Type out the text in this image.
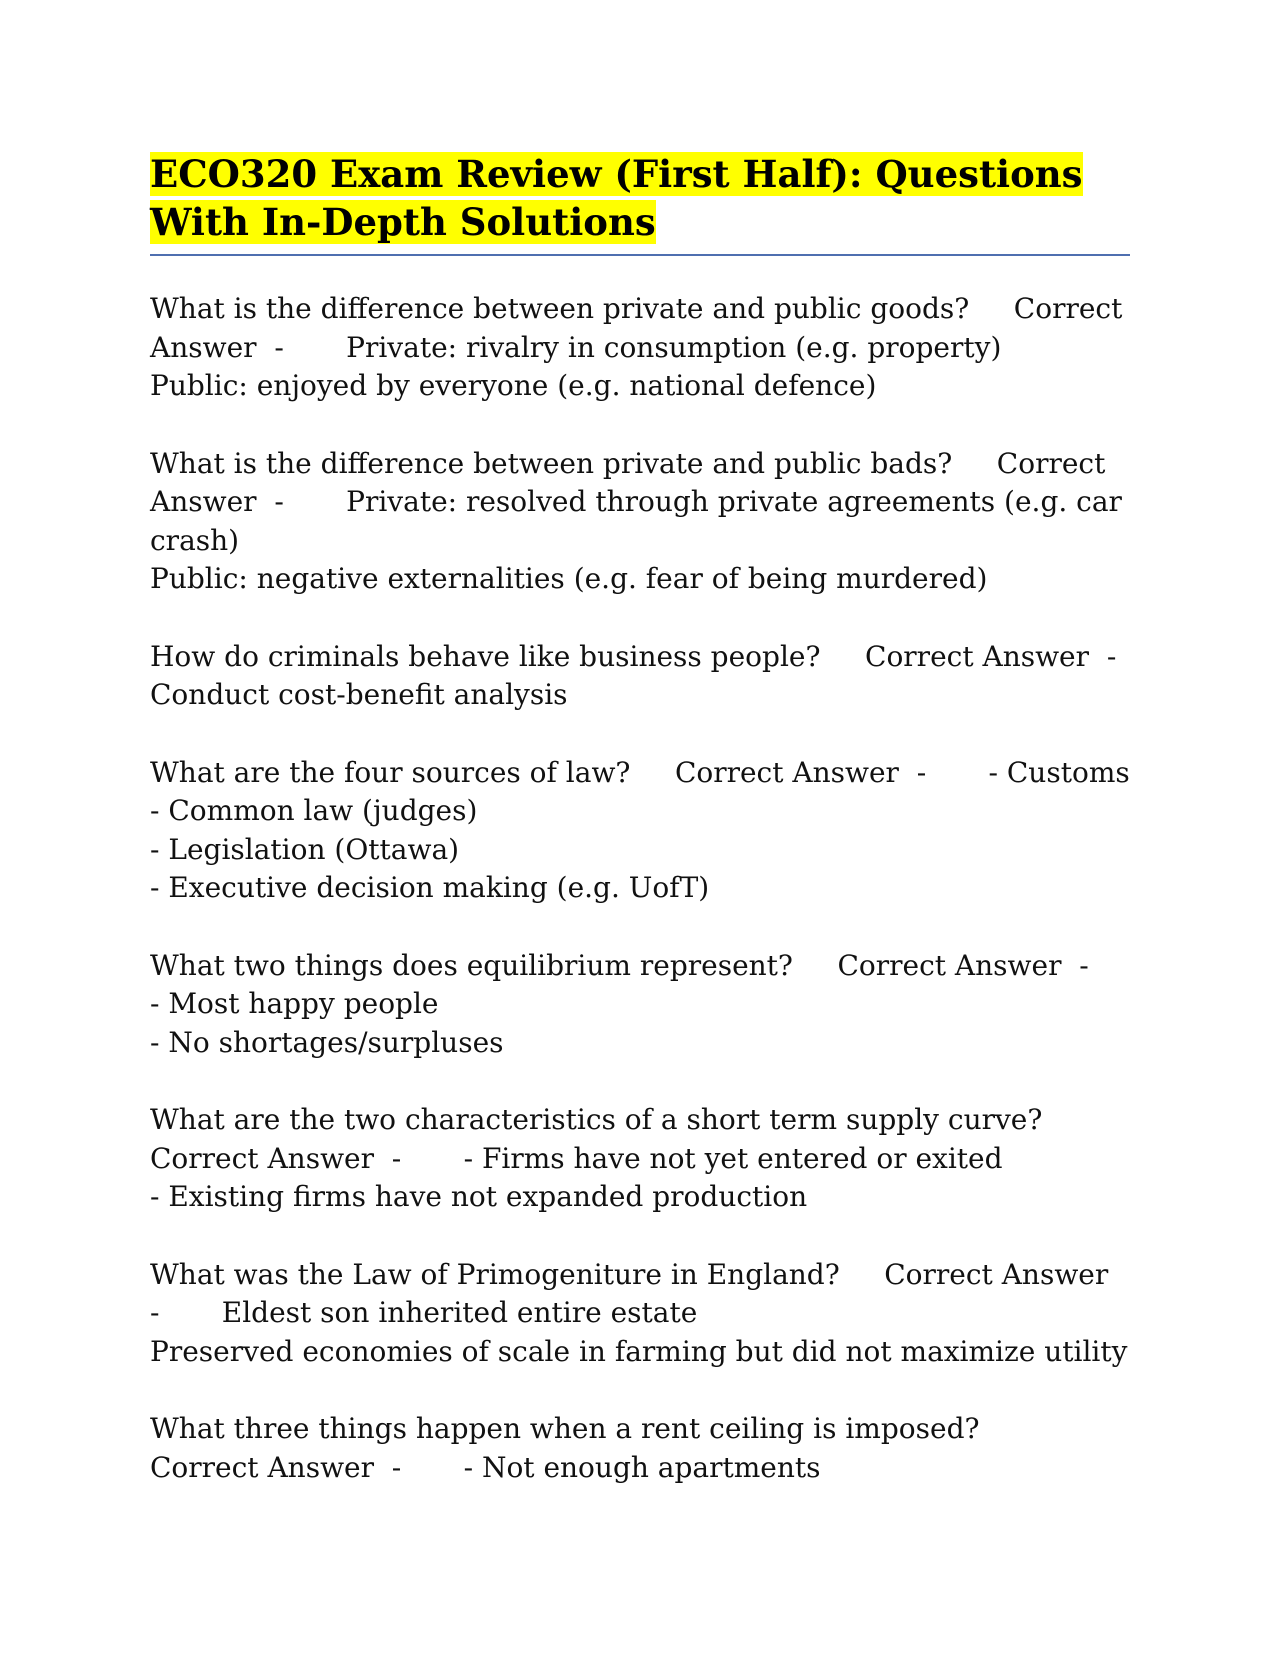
ECO320 Exam Review (First Half): Questions With In-Depth Solutions

What is the difference between private and public goods? Correct Answer  -       Private: rivalry in consumption (e.g. property)
Public: enjoyed by everyone (e.g. national defence)

What is the difference between private and public bads? Correct Answer  -       Private: resolved through private agreements (e.g. car crash)
Public: negative externalities (e.g. fear of being murdered)

How do criminals behave like business people? Correct Answer  -       Conduct cost-benefit analysis

What are the four sources of law? Correct Answer  -       - Customs
- Common law (judges)
- Legislation (Ottawa)
- Executive decision making (e.g. UofT)

What two things does equilibrium represent? Correct Answer  -       - Most happy people
- No shortages/surpluses

What are the two characteristics of a short term supply curve?     Correct Answer  -       - Firms have not yet entered or exited
- Existing firms have not expanded production

What was the Law of Primogeniture in England? Correct Answer  -       Eldest son inherited entire estate
Preserved economies of scale in farming but did not maximize utility

What three things happen when a rent ceiling is imposed?     Correct Answer  -       - Not enough apartments
